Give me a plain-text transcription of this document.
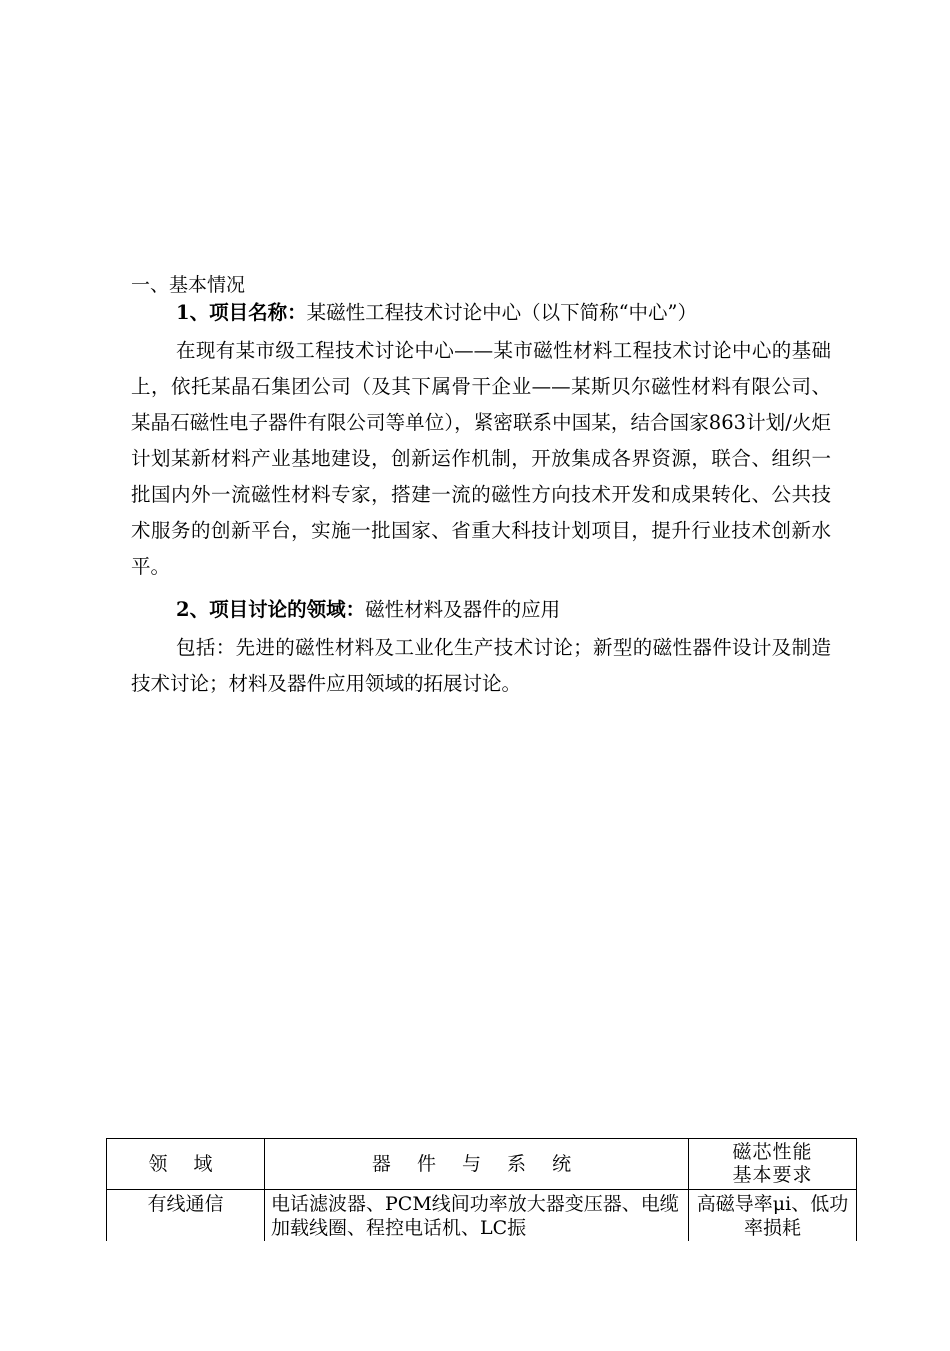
一、基本情况

1、项目名称：某磁性工程技术讨论中心（以下简称“中心”）

在现有某市级工程技术讨论中心——某市磁性材料工程技术讨论中心的基础上，依托某晶石集团公司（及其下属骨干企业——某斯贝尔磁性材料有限公司、某晶石磁性电子器件有限公司等单位），紧密联系中国某，结合国家863计划/火炬计划某新材料产业基地建设，创新运作机制，开放集成各界资源，联合、组织一批国内外一流磁性材料专家，搭建一流的磁性方向技术开发和成果转化、公共技术服务的创新平台，实施一批国家、省重大科技计划项目，提升行业技术创新水平。

2、项目讨论的领域：磁性材料及器件的应用

包括：先进的磁性材料及工业化生产技术讨论；新型的磁性器件设计及制造技术讨论；材料及器件应用领域的拓展讨论。

领 域	器 件 与 系 统	磁芯性能
基本要求

有线通信	电话滤波器、PCM线间功率放大器变压器、电缆加载线圈、程控电话机、LC振	高磁导率μi、低功率损耗
